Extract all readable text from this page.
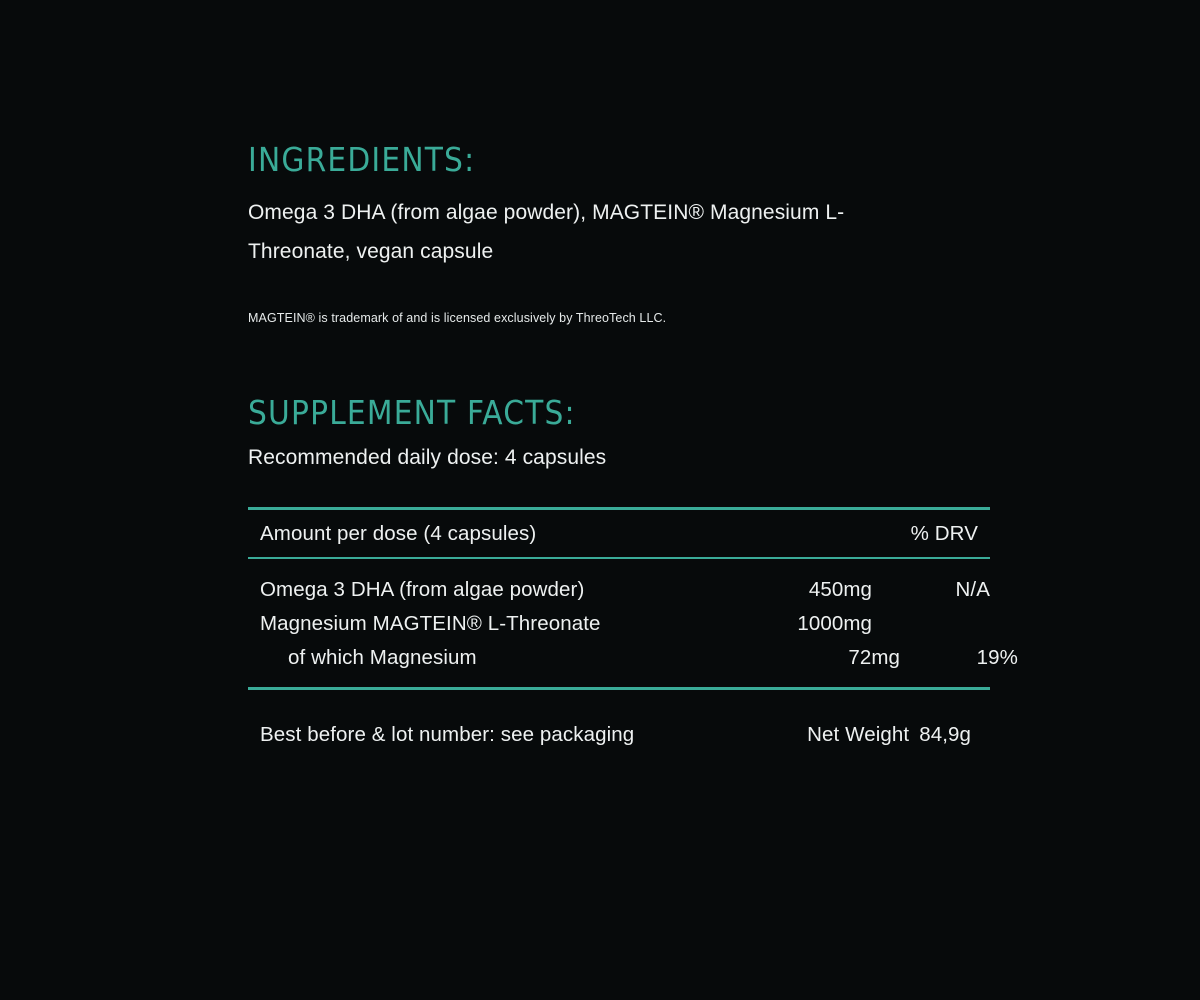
INGREDIENTS:
Omega 3 DHA (from algae powder), MAGTEIN® Magnesium L-Threonate, vegan capsule
MAGTEIN® is trademark of and is licensed exclusively by ThreoTech LLC.
SUPPLEMENT FACTS:
Recommended daily dose: 4 capsules
Amount per dose (4 capsules)	% DRV
Omega 3 DHA (from algae powder)	450mg	N/A
Magnesium MAGTEIN® L-Threonate	1000mg
of which Magnesium	72mg	19%
Best before & lot number: see packaging	Net Weight 84,9g
